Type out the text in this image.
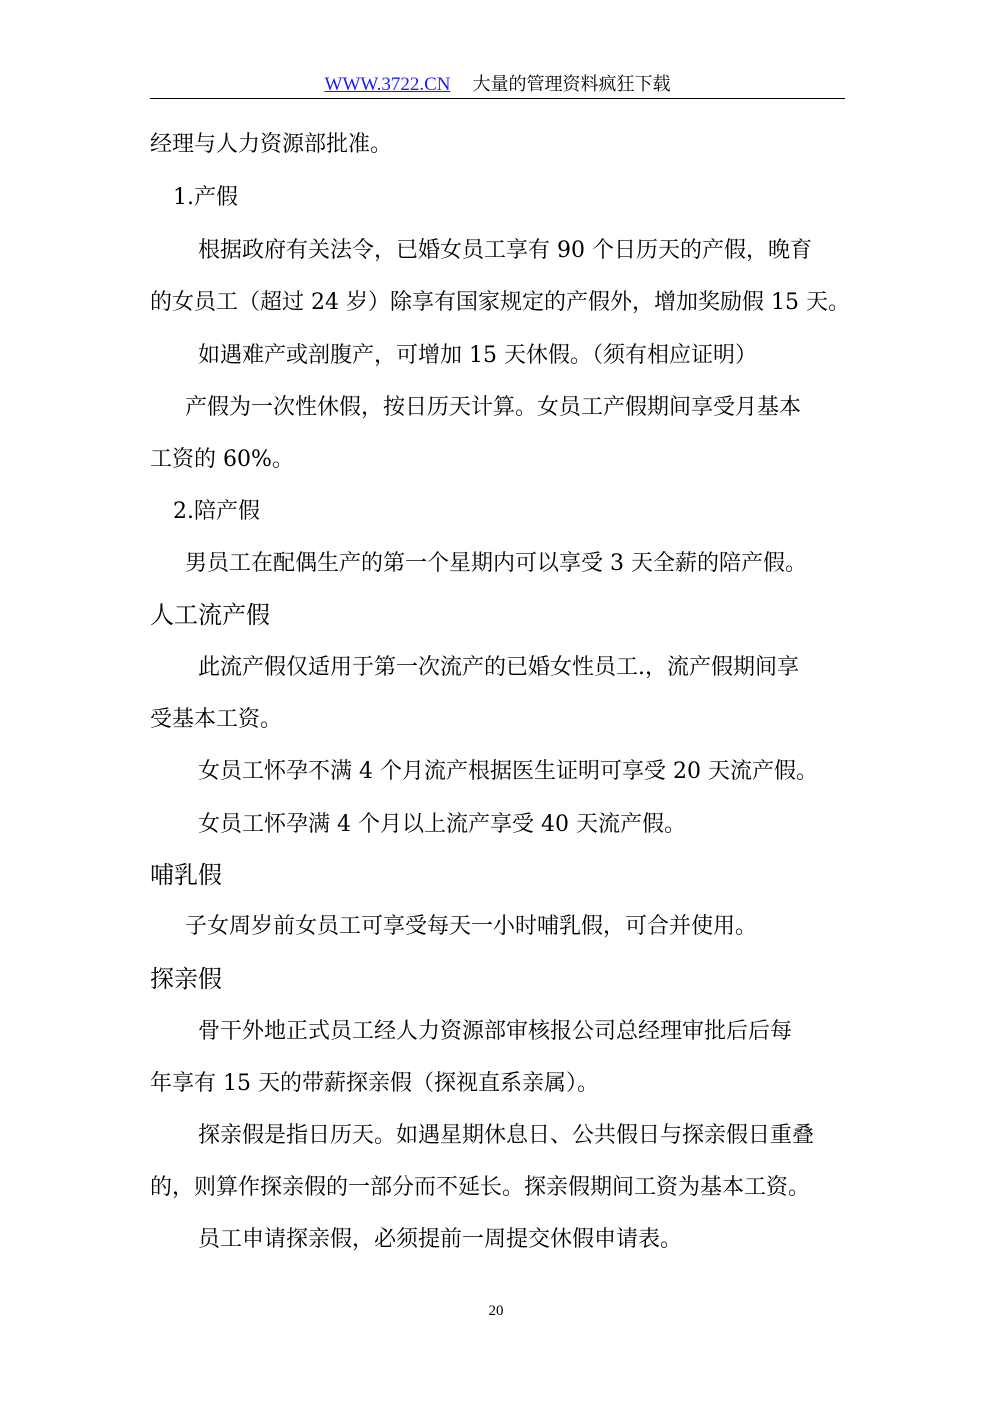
WWW.3722.CN 大量的管理资料疯狂下载
经理与人力资源部批准。
1.产假
根据政府有关法令，已婚女员工享有 90 个日历天的产假，晚育
的女员工（超过 24 岁）除享有国家规定的产假外，增加奖励假 15 天。
如遇难产或剖腹产，可增加 15 天休假。（须有相应证明）
产假为一次性休假，按日历天计算。女员工产假期间享受月基本
工资的 60%。
2.陪产假
男员工在配偶生产的第一个星期内可以享受 3 天全薪的陪产假。
人工流产假
此流产假仅适用于第一次流产的已婚女性员工.，流产假期间享
受基本工资。
女员工怀孕不满 4 个月流产根据医生证明可享受 20 天流产假。
女员工怀孕满 4 个月以上流产享受 40 天流产假。
哺乳假
子女周岁前女员工可享受每天一小时哺乳假，可合并使用。
探亲假
骨干外地正式员工经人力资源部审核报公司总经理审批后后每
年享有 15 天的带薪探亲假（探视直系亲属）。
探亲假是指日历天。如遇星期休息日、公共假日与探亲假日重叠
的，则算作探亲假的一部分而不延长。探亲假期间工资为基本工资。
员工申请探亲假，必须提前一周提交休假申请表。
20
